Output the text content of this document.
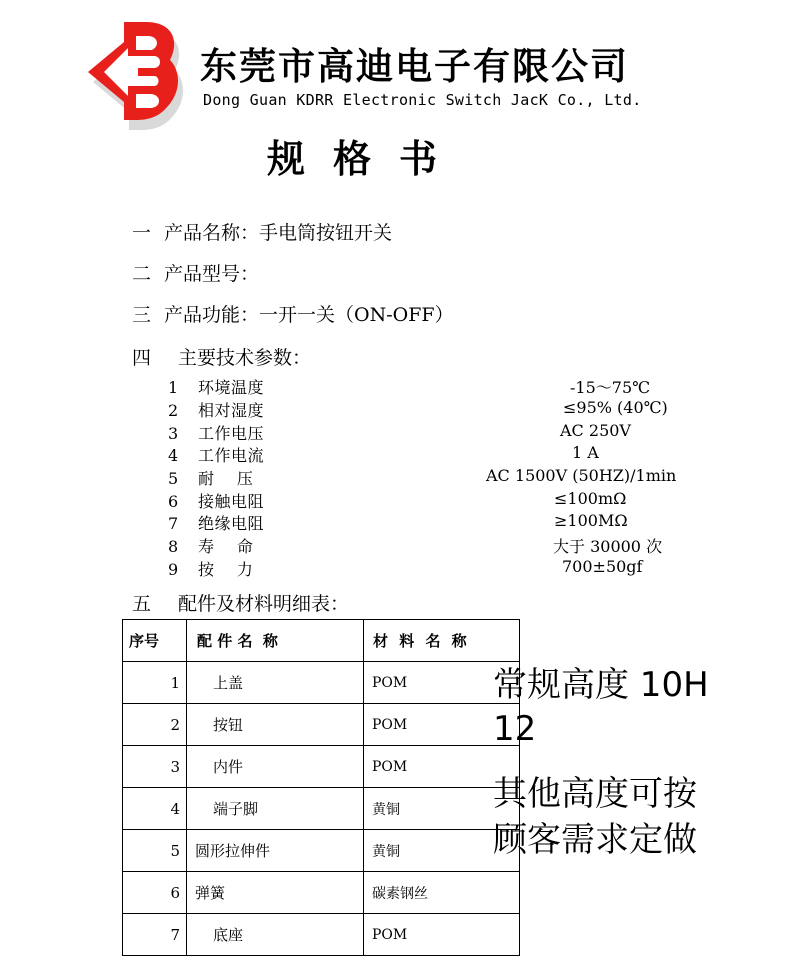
东莞市高迪电子有限公司
Dong Guan KDRR Electronic Switch JacK Co., Ltd.
规格书
一 产品名称：手电筒按钮开关
二 产品型号：
三 产品功能：一开一关（ON-OFF）
四 主要技术参数：
1 环境温度	-15～75℃
2 相对湿度	≤95% (40℃)
3 工作电压	AC 250V
4 工作电流	1 A
5 耐    压	AC 1500V (50HZ)/1min
6 接触电阻	≤100mΩ
7 绝缘电阻	≥100MΩ
8 寿    命	大于 30000 次
9 按    力	700±50gf
五 配件及材料明细表：
序号	配 件 名  称	材 料 名 称
1	上盖	POM
2	按钮	POM
3	内件	POM
4	端子脚	黄铜
5	圆形拉伸件	黄铜
6	弹簧	碳素钢丝
7	底座	POM
常规高度 10H
12
其他高度可按
顾客需求定做
